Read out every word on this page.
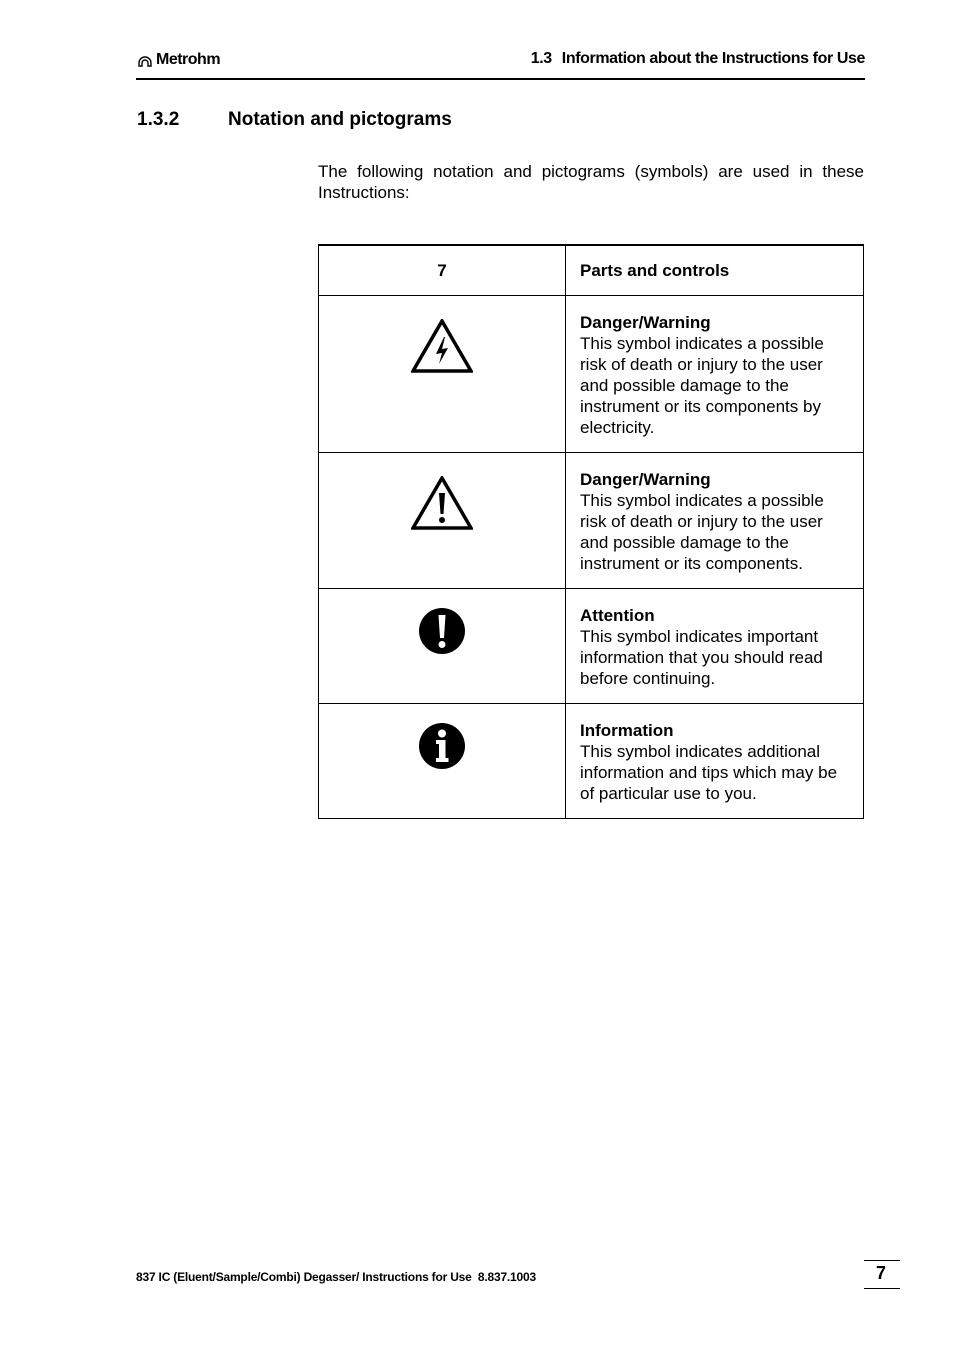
Metrohm	1.3 Information about the Instructions for Use
1.3.2	Notation and pictograms
The following notation and pictograms (symbols) are used in these Instructions:
7	Parts and controls

Danger/Warning
This symbol indicates a possible risk of death or injury to the user and possible damage to the instrument or its components by electricity.

Danger/Warning
This symbol indicates a possible risk of death or injury to the user and possible damage to the instrument or its components.

Attention
This symbol indicates important information that you should read before continuing.

Information
This symbol indicates additional information and tips which may be of particular use to you.
837 IC (Eluent/Sample/Combi) Degasser/ Instructions for Use  8.837.1003	7
